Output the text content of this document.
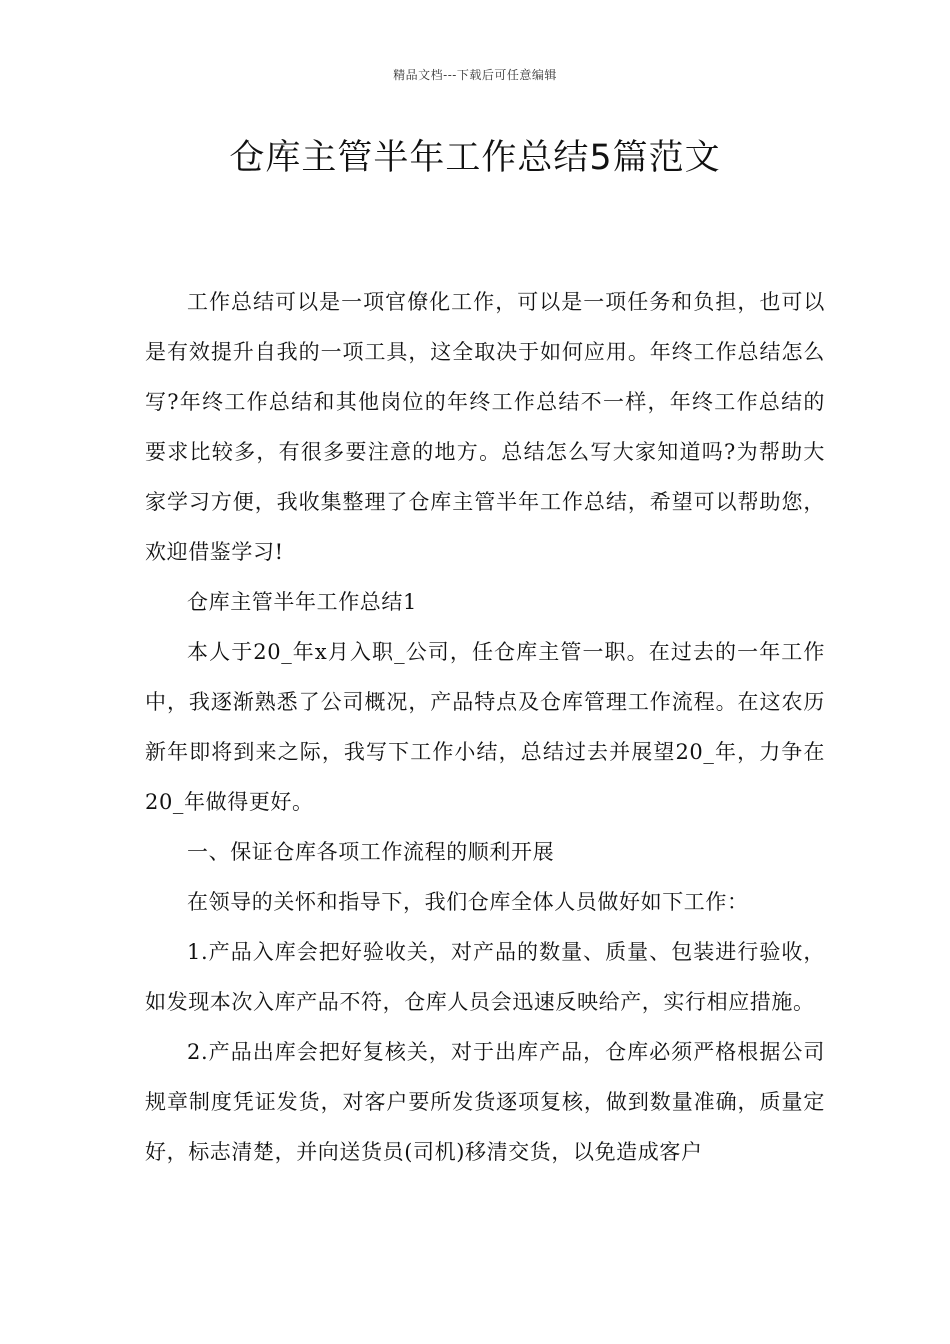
精品文档---下载后可任意编辑
仓库主管半年工作总结5篇范文

工作总结可以是一项官僚化工作，可以是一项任务和负担，也可以是有效提升自我的一项工具，这全取决于如何应用。年终工作总结怎么写?年终工作总结和其他岗位的年终工作总结不一样，年终工作总结的要求比较多，有很多要注意的地方。总结怎么写大家知道吗?为帮助大家学习方便，我收集整理了仓库主管半年工作总结，希望可以帮助您，欢迎借鉴学习!

仓库主管半年工作总结1

本人于20_年x月入职_公司，任仓库主管一职。在过去的一年工作中，我逐渐熟悉了公司概况，产品特点及仓库管理工作流程。在这农历新年即将到来之际，我写下工作小结，总结过去并展望20_年，力争在20_年做得更好。

一、保证仓库各项工作流程的顺利开展

在领导的关怀和指导下，我们仓库全体人员做好如下工作：

1.产品入库会把好验收关，对产品的数量、质量、包装进行验收，如发现本次入库产品不符，仓库人员会迅速反映给产，实行相应措施。

2.产品出库会把好复核关，对于出库产品，仓库必须严格根据公司规章制度凭证发货，对客户要所发货逐项复核，做到数量准确，质量定好，标志清楚，并向送货员(司机)移清交货，以免造成客户
